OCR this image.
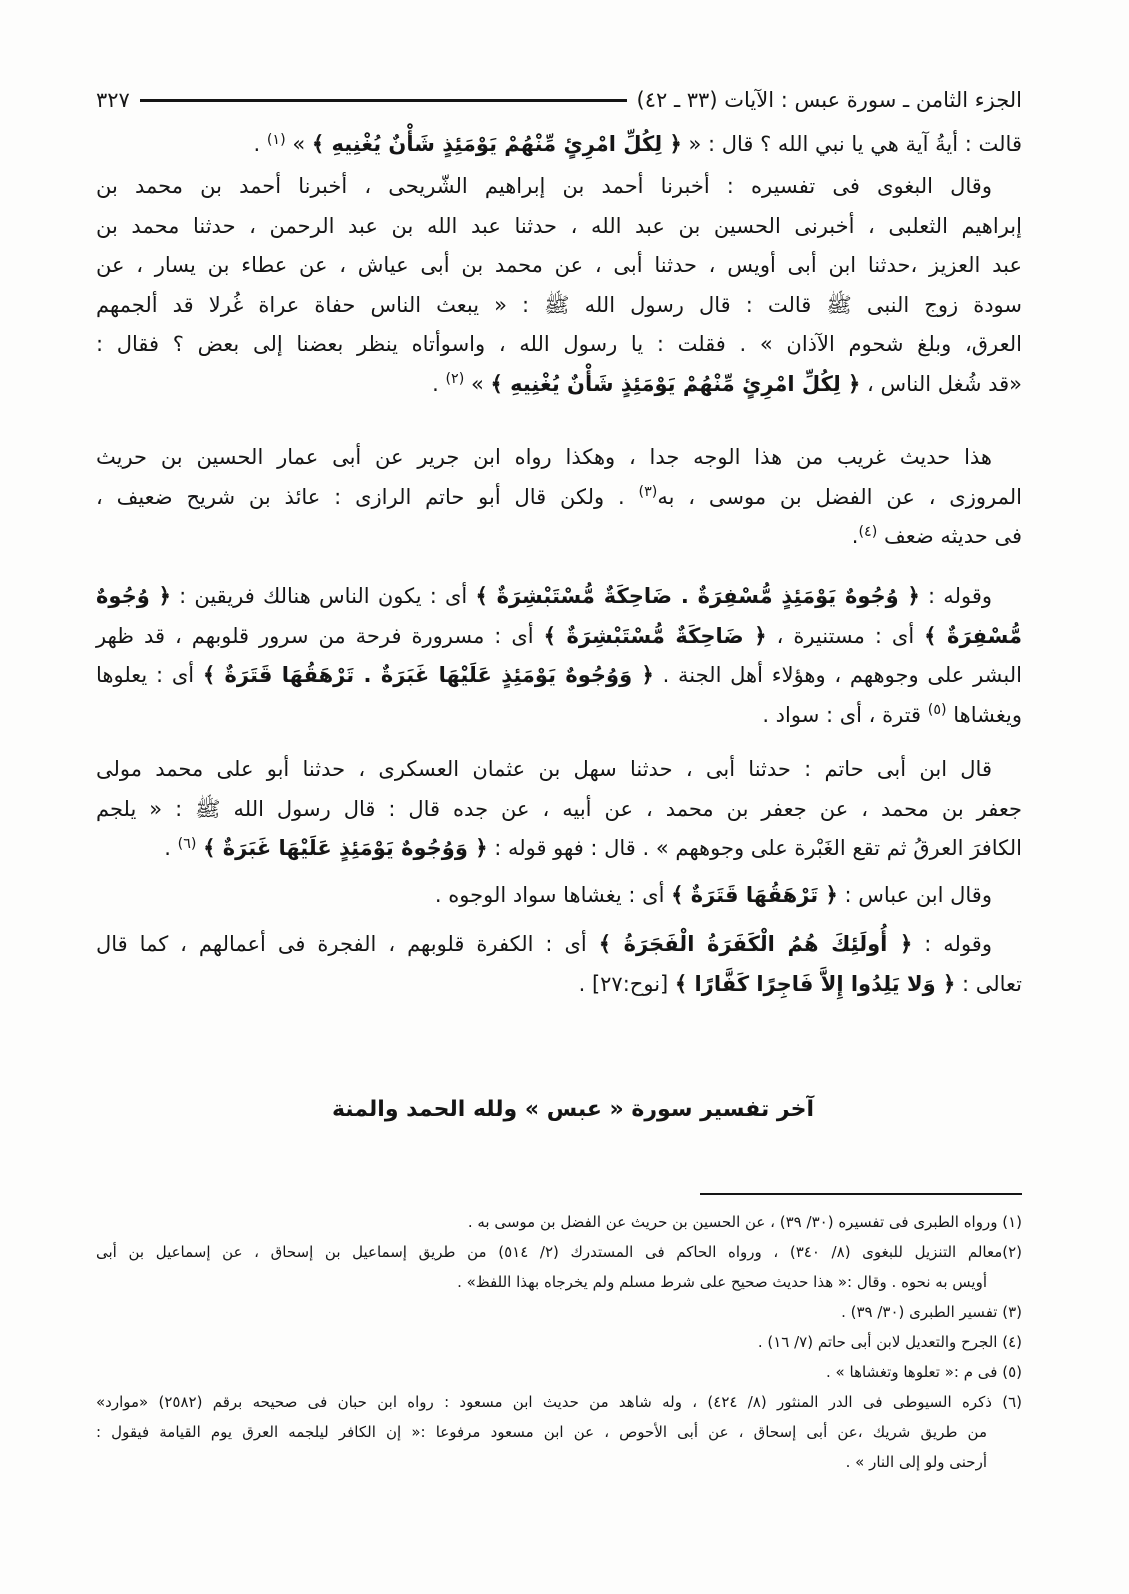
الجزء الثامن ـ سورة عبس : الآيات (٣٣ ـ ٤٢)
٣٢٧
قالت : أيةُ آية هي يا نبي الله ؟ قال : « ﴿ لِكُلِّ امْرِئٍ مِّنْهُمْ يَوْمَئِذٍ شَأْنٌ يُغْنِيهِ ﴾ » $^{(١)}$ .
وقال البغوى فى تفسيره : أخبرنا أحمد بن إبراهيم الشّريحى ، أخبرنا أحمد بن محمد بن
إبراهيم الثعلبى ، أخبرنى الحسين بن عبد الله ، حدثنا عبد الله بن عبد الرحمن ، حدثنا محمد بن
عبد العزيز ،حدثنا ابن أبى أويس ، حدثنا أبى ، عن محمد بن أبى عياش ، عن عطاء بن يسار ، عن
سودة زوج النبى ﷺ قالت : قال رسول الله ﷺ : « يبعث الناس حفاة عراة غُرلا قد ألجمهم
العرق، وبلغ شحوم الآذان » . فقلت : يا رسول الله ، واسوأتاه ينظر بعضنا إلى بعض ؟ فقال :
«قد شُغل الناس ، ﴿ لِكُلِّ امْرِئٍ مِّنْهُمْ يَوْمَئِذٍ شَأْنٌ يُغْنِيهِ ﴾ » $^{(٢)}$ .
هذا حديث غريب من هذا الوجه جدا ، وهكذا رواه ابن جرير عن أبى عمار الحسين بن حريث
المروزى ، عن الفضل بن موسى ، به$^{(٣)}$ . ولكن قال أبو حاتم الرازى : عائذ بن شريح ضعيف ،
فى حديثه ضعف $^{(٤)}$.
وقوله : ﴿ وُجُوهٌ يَوْمَئِذٍ مُّسْفِرَةٌ . ضَاحِكَةٌ مُّسْتَبْشِرَةٌ ﴾ أى : يكون الناس هنالك فريقين : ﴿ وُجُوهٌ
مُّسْفِرَةٌ ﴾ أى : مستنيرة ، ﴿ ضَاحِكَةٌ مُّسْتَبْشِرَةٌ ﴾ أى : مسرورة فرحة من سرور قلوبهم ، قد ظهر
البشر على وجوههم ، وهؤلاء أهل الجنة . ﴿ وَوُجُوهٌ يَوْمَئِذٍ عَلَيْهَا غَبَرَةٌ . تَرْهَقُهَا قَتَرَةٌ ﴾ أى : يعلوها
ويغشاها $^{(٥)}$ قترة ، أى : سواد .
قال ابن أبى حاتم : حدثنا أبى ، حدثنا سهل بن عثمان العسكرى ، حدثنا أبو على محمد مولى
جعفر بن محمد ، عن جعفر بن محمد ، عن أبيه ، عن جده قال : قال رسول الله ﷺ : « يلجم
الكافرَ العرقُ ثم تقع الغَبْرة على وجوههم » . قال : فهو قوله : ﴿ وَوُجُوهٌ يَوْمَئِذٍ عَلَيْهَا غَبَرَةٌ ﴾ $^{(٦)}$ .
وقال ابن عباس : ﴿ تَرْهَقُهَا قَتَرَةٌ ﴾ أى : يغشاها سواد الوجوه .
وقوله : ﴿ أُولَئِكَ هُمُ الْكَفَرَةُ الْفَجَرَةُ ﴾ أى : الكفرة قلوبهم ، الفجرة فى أعمالهم ، كما قال
تعالى : ﴿ وَلا يَلِدُوا إِلاَّ فَاجِرًا كَفَّارًا ﴾ [نوح:٢٧] .
آخر تفسير سورة « عبس » ولله الحمد والمنة
(١) ورواه الطبرى فى تفسيره (٣٠/ ٣٩) ، عن الحسين بن حريث عن الفضل بن موسى به .
(٢)معالم التنزيل للبغوى (٨/ ٣٤٠) ، ورواه الحاكم فى المستدرك (٢/ ٥١٤) من طريق إسماعيل بن إسحاق ، عن إسماعيل بن أبى
أويس به نحوه . وقال :« هذا حديث صحيح على شرط مسلم ولم يخرجاه بهذا اللفظ» .
(٣) تفسير الطبرى (٣٠/ ٣٩) .
(٤) الجرح والتعديل لابن أبى حاتم (٧/ ١٦) .
(٥) فى م :« تعلوها وتغشاها » .
(٦) ذكره السيوطى فى الدر المنثور (٨/ ٤٢٤) ، وله شاهد من حديث ابن مسعود : رواه ابن حبان فى صحيحه برقم (٢٥٨٢) «موارد»
من طريق شريك ،عن أبى إسحاق ، عن أبى الأحوص ، عن ابن مسعود مرفوعا :« إن الكافر ليلجمه العرق يوم القيامة فيقول :
أرحنى ولو إلى النار » .
